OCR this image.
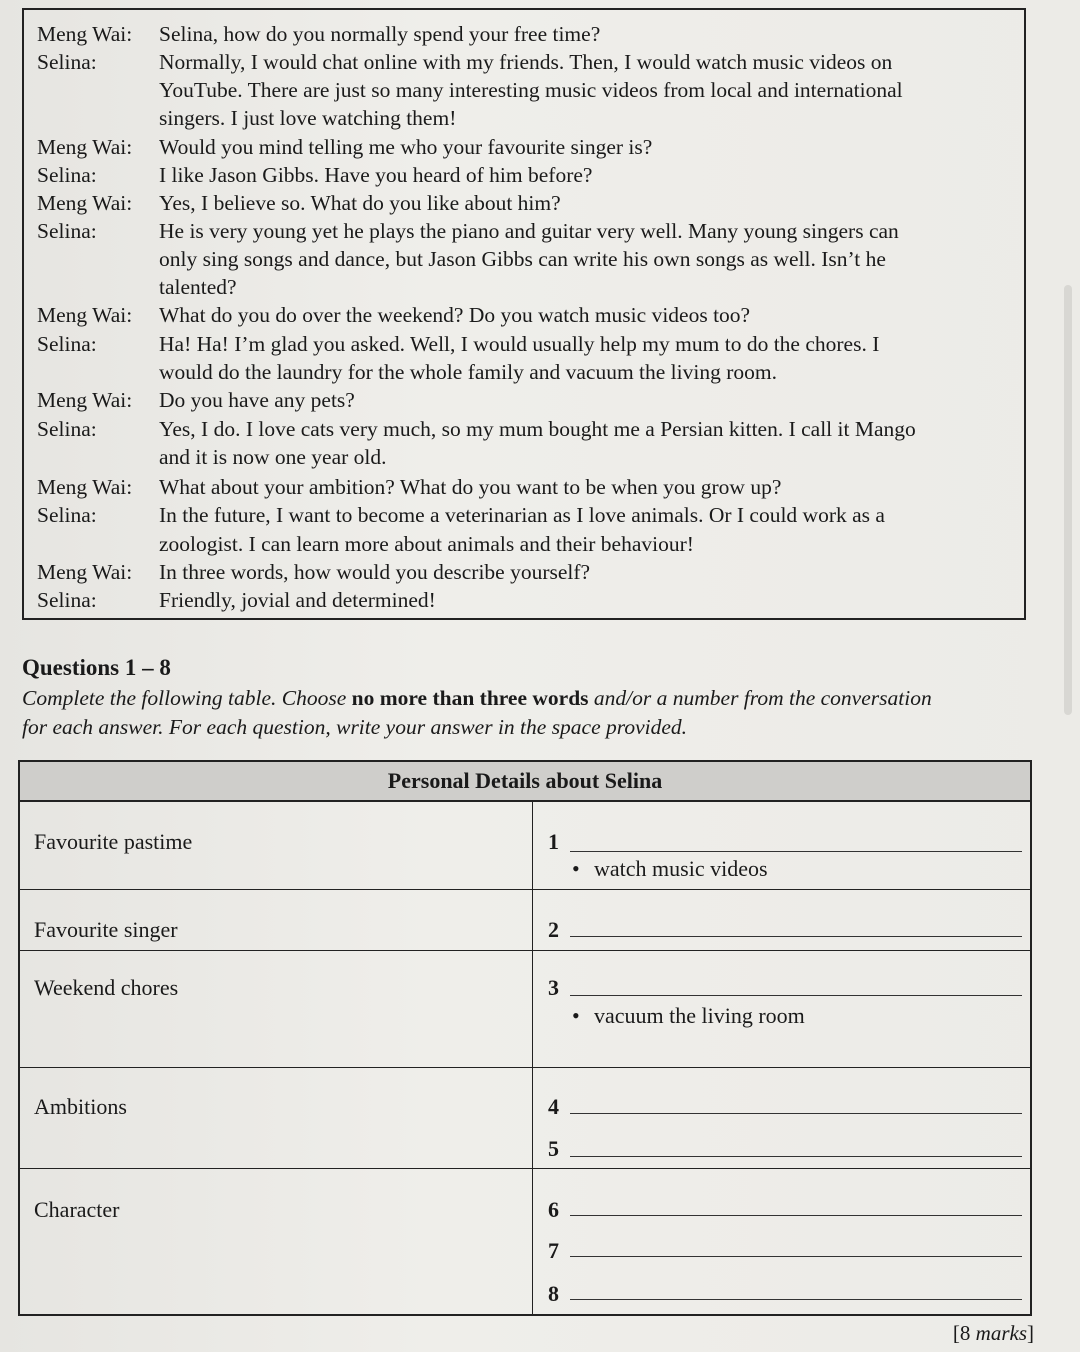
Meng Wai: Selina, how do you normally spend your free time?
Selina:	Normally, I would chat online with my friends. Then, I would watch music videos on
YouTube. There are just so many interesting music videos from local and international
singers. I just love watching them!
Meng Wai: Would you mind telling me who your favourite singer is?
Selina:	I like Jason Gibbs. Have you heard of him before?
Meng Wai: Yes, I believe so. What do you like about him?
Selina:	He is very young yet he plays the piano and guitar very well. Many young singers can
only sing songs and dance, but Jason Gibbs can write his own songs as well. Isn’t he
talented?
Meng Wai: What do you do over the weekend? Do you watch music videos too?
Selina:	Ha! Ha! I’m glad you asked. Well, I would usually help my mum to do the chores. I
would do the laundry for the whole family and vacuum the living room.
Meng Wai: Do you have any pets?
Selina:	Yes, I do. I love cats very much, so my mum bought me a Persian kitten. I call it Mango
and it is now one year old.
Meng Wai: What about your ambition? What do you want to be when you grow up?
Selina:	In the future, I want to become a veterinarian as I love animals. Or I could work as a
zoologist. I can learn more about animals and their behaviour!
Meng Wai: In three words, how would you describe yourself?
Selina:	Friendly, jovial and determined!
Questions 1 – 8
Complete the following table. Choose no more than three words and/or a number from the conversation
for each answer. For each question, write your answer in the space provided.
Personal Details about Selina
Favourite pastime	1
• watch music videos
Favourite singer	2
Weekend chores	3
• vacuum the living room
Ambitions	4
5
Character	6
7
8
[8 marks]
